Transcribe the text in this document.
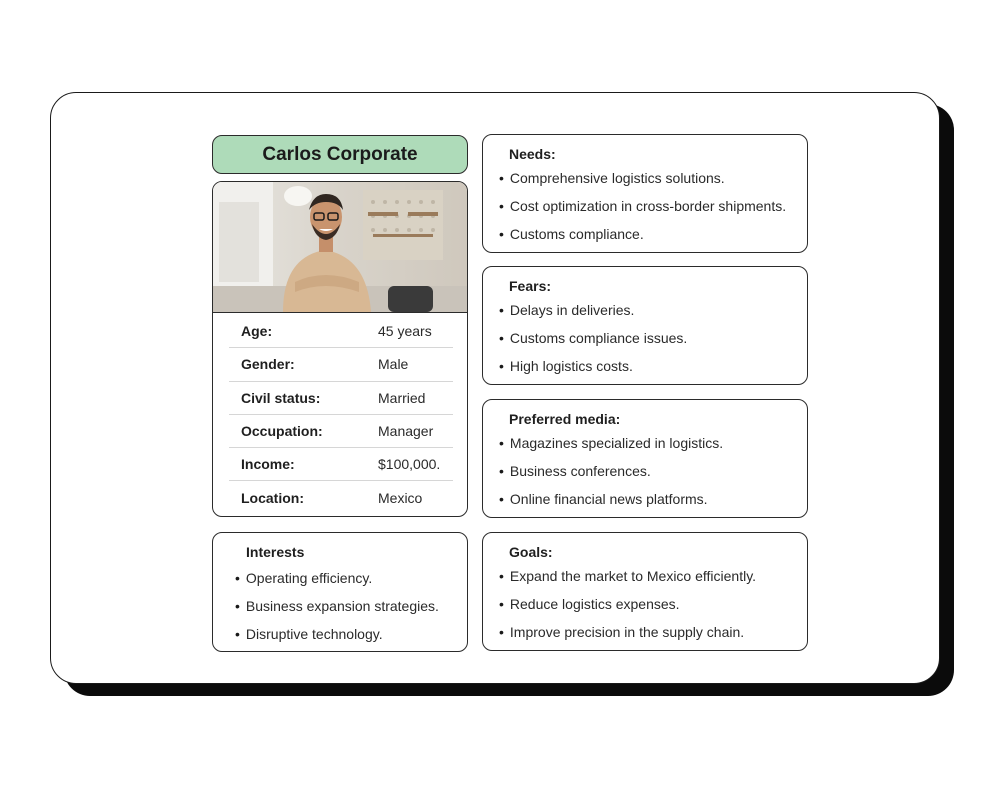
Carlos Corporate
Age:	45 years
Gender:	Male
Civil status:	Married
Occupation:	Manager
Income:	$100,000.
Location:	Mexico
Interests
• Operating efficiency.
• Business expansion strategies.
• Disruptive technology.
Needs:
• Comprehensive logistics solutions.
• Cost optimization in cross-border shipments.
• Customs compliance.
Fears:
• Delays in deliveries.
• Customs compliance issues.
• High logistics costs.
Preferred media:
• Magazines specialized in logistics.
• Business conferences.
• Online financial news platforms.
Goals:
• Expand the market to Mexico efficiently.
• Reduce logistics expenses.
• Improve precision in the supply chain.
